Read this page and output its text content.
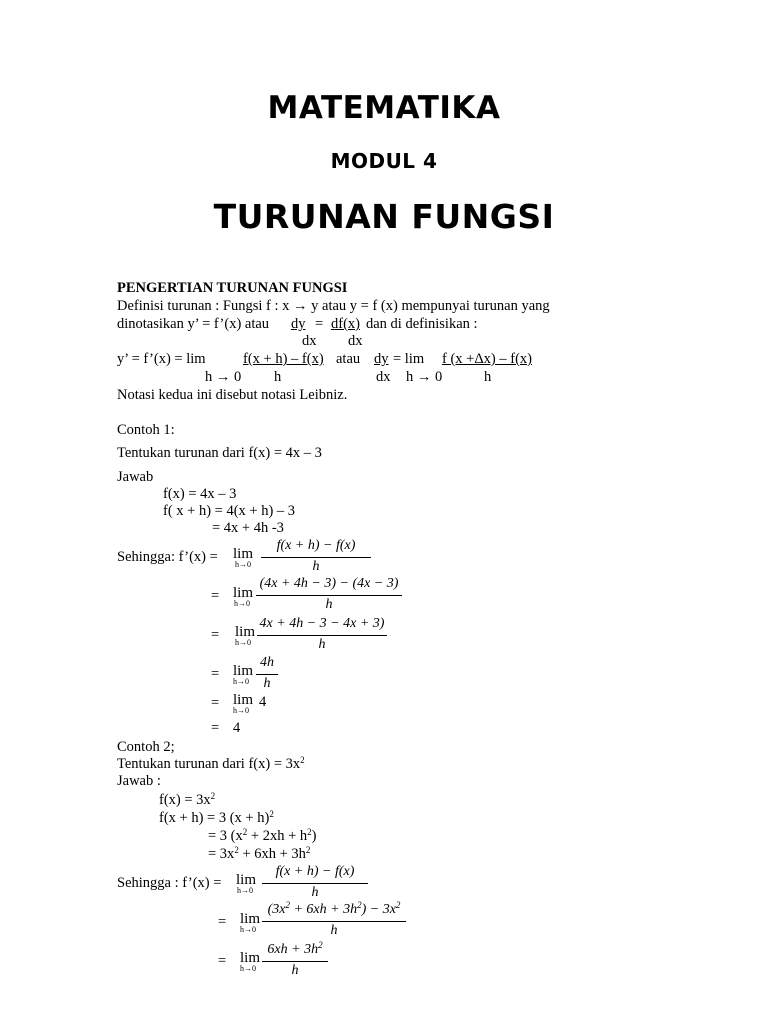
MATEMATIKA
MODUL 4
TURUNAN FUNGSI
PENGERTIAN TURUNAN FUNGSI
Definisi turunan : Fungsi f : x → y atau y = f (x) mempunyai turunan yang
dinotasikan y’ = f’(x) atau dy = df(x) dan di definisikan :
dx dx
y’ = f’(x) = lim	f(x + h) – f(x) atau dy = lim f (x +Δx) – f(x)
h → 0 h	dx h → 0	h
Notasi kedua ini disebut notasi Leibniz.
Contoh 1:
Tentukan turunan dari f(x) = 4x – 3
Jawab
f(x) = 4x – 3
f( x + h) = 4(x + h) – 3
= 4x + 4h -3
Sehingga: f’(x) = lim
h→0
f(x + h) − f(x)
h
= lim
h→0
(4x + 4h − 3) − (4x − 3)
h
= lim
h→0
4x + 4h − 3 − 4x + 3)
h
= lim
h→0
4h
h
= lim
h→0
4
= 4
Contoh 2;
Tentukan turunan dari $f(x) = 3x^2$
Jawab :
$f(x) = 3x^2$
f(x + h) = 3 $(x + h)^2$
= 3 $(x^2 + 2xh + h^2)$
= $3x^2 + 6xh + 3h^2$
Sehingga : f’(x) = lim
h→0
f(x + h) − f(x)
h
= lim
h→0
$(3x^2 + 6xh + 3h^2) - 3x^2$
h
= lim
h→0
$6xh + 3h^2$
h
